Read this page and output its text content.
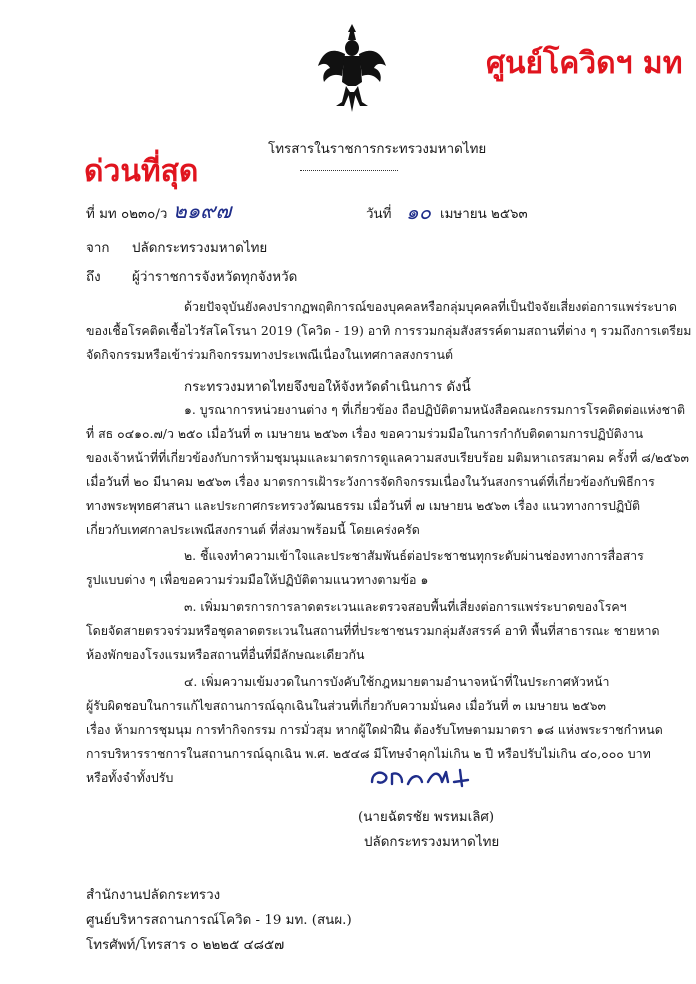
ศูนย์โควิดฯ มท
โทรสารในราชการกระทรวงมหาดไทย
ด่วนที่สุด
ที่ มท ๐๒๓๐/ว ๒๑๙๗	วันที่ ๑๐ เมษายน ๒๕๖๓
จาก ปลัดกระทรวงมหาดไทย
ถึง ผู้ว่าราชการจังหวัดทุกจังหวัด
ด้วยปัจจุบันยังคงปรากฏพฤติการณ์ของบุคคลหรือกลุ่มบุคคลที่เป็นปัจจัยเสี่ยงต่อการแพร่ระบาด
ของเชื้อโรคติดเชื้อไวรัสโคโรนา 2019 (โควิด - 19) อาทิ การรวมกลุ่มสังสรรค์ตามสถานที่ต่าง ๆ รวมถึงการเตรียม
จัดกิจกรรมหรือเข้าร่วมกิจกรรมทางประเพณีเนื่องในเทศกาลสงกรานต์
กระทรวงมหาดไทยจึงขอให้จังหวัดดำเนินการ ดังนี้
๑. บูรณาการหน่วยงานต่าง ๆ ที่เกี่ยวข้อง ถือปฏิบัติตามหนังสือคณะกรรมการโรคติดต่อแห่งชาติ
ที่ สธ ๐๔๑๐.๗/ว ๒๕๐ เมื่อวันที่ ๓ เมษายน ๒๕๖๓ เรื่อง ขอความร่วมมือในการกำกับติดตามการปฏิบัติงาน
ของเจ้าหน้าที่ที่เกี่ยวข้องกับการห้ามชุมนุมและมาตรการดูแลความสงบเรียบร้อย มติมหาเถรสมาคม ครั้งที่ ๘/๒๕๖๓
เมื่อวันที่ ๒๐ มีนาคม ๒๕๖๓ เรื่อง มาตรการเฝ้าระวังการจัดกิจกรรมเนื่องในวันสงกรานต์ที่เกี่ยวข้องกับพิธีการ
ทางพระพุทธศาสนา และประกาศกระทรวงวัฒนธรรม เมื่อวันที่ ๗ เมษายน ๒๕๖๓ เรื่อง แนวทางการปฏิบัติ
เกี่ยวกับเทศกาลประเพณีสงกรานต์ ที่ส่งมาพร้อมนี้ โดยเคร่งครัด
๒. ชี้แจงทำความเข้าใจและประชาสัมพันธ์ต่อประชาชนทุกระดับผ่านช่องทางการสื่อสาร
รูปแบบต่าง ๆ เพื่อขอความร่วมมือให้ปฏิบัติตามแนวทางตามข้อ ๑
๓. เพิ่มมาตรการการลาดตระเวนและตรวจสอบพื้นที่เสี่ยงต่อการแพร่ระบาดของโรคฯ
โดยจัดสายตรวจร่วมหรือชุดลาดตระเวนในสถานที่ที่ประชาชนรวมกลุ่มสังสรรค์ อาทิ พื้นที่สาธารณะ ชายหาด
ห้องพักของโรงแรมหรือสถานที่อื่นที่มีลักษณะเดียวกัน
๔. เพิ่มความเข้มงวดในการบังคับใช้กฎหมายตามอำนาจหน้าที่ในประกาศหัวหน้า
ผู้รับผิดชอบในการแก้ไขสถานการณ์ฉุกเฉินในส่วนที่เกี่ยวกับความมั่นคง เมื่อวันที่ ๓ เมษายน ๒๕๖๓
เรื่อง ห้ามการชุมนุม การทำกิจกรรม การมั่วสุม หากผู้ใดฝ่าฝืน ต้องรับโทษตามมาตรา ๑๘ แห่งพระราชกำหนด
การบริหารราชการในสถานการณ์ฉุกเฉิน พ.ศ. ๒๕๔๘ มีโทษจำคุกไม่เกิน ๒ ปี หรือปรับไม่เกิน ๔๐,๐๐๐ บาท
หรือทั้งจำทั้งปรับ
(นายฉัตรชัย พรหมเลิศ)
ปลัดกระทรวงมหาดไทย
สำนักงานปลัดกระทรวง
ศูนย์บริหารสถานการณ์โควิด - 19 มท. (สนผ.)
โทรศัพท์/โทรสาร ๐ ๒๒๒๕ ๔๘๕๗
